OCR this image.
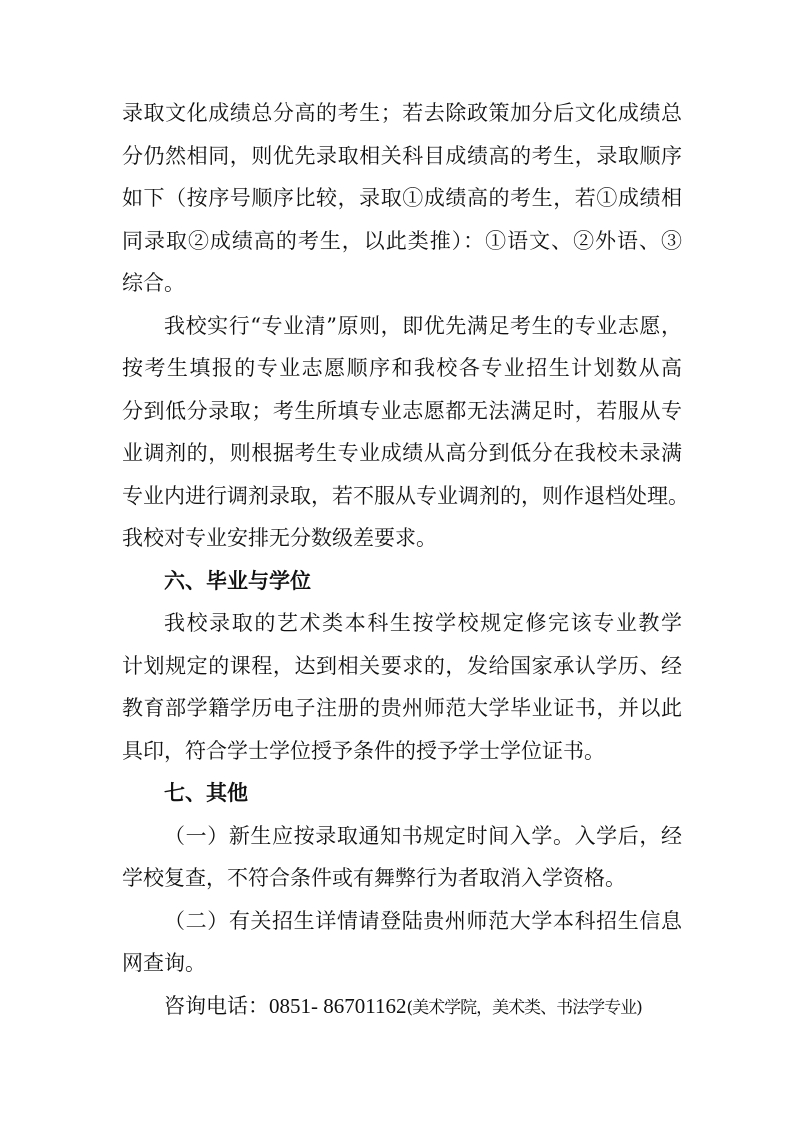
录取文化成绩总分高的考生；若去除政策加分后文化成绩总
分仍然相同，则优先录取相关科目成绩高的考生，录取顺序
如下（按序号顺序比较，录取①成绩高的考生，若①成绩相
同录取②成绩高的考生，以此类推）：①语文、②外语、③
综合。
我校实行“专业清”原则，即优先满足考生的专业志愿，
按考生填报的专业志愿顺序和我校各专业招生计划数从高
分到低分录取；考生所填专业志愿都无法满足时，若服从专
业调剂的，则根据考生专业成绩从高分到低分在我校未录满
专业内进行调剂录取，若不服从专业调剂的，则作退档处理。
我校对专业安排无分数级差要求。
六、毕业与学位
我校录取的艺术类本科生按学校规定修完该专业教学
计划规定的课程，达到相关要求的，发给国家承认学历、经
教育部学籍学历电子注册的贵州师范大学毕业证书，并以此
具印，符合学士学位授予条件的授予学士学位证书。
七、其他
（一）新生应按录取通知书规定时间入学。入学后，经
学校复查，不符合条件或有舞弊行为者取消入学资格。
（二）有关招生详情请登陆贵州师范大学本科招生信息
网查询。
咨询电话：0851- 86701162(美术学院，美术类、书法学专业)
